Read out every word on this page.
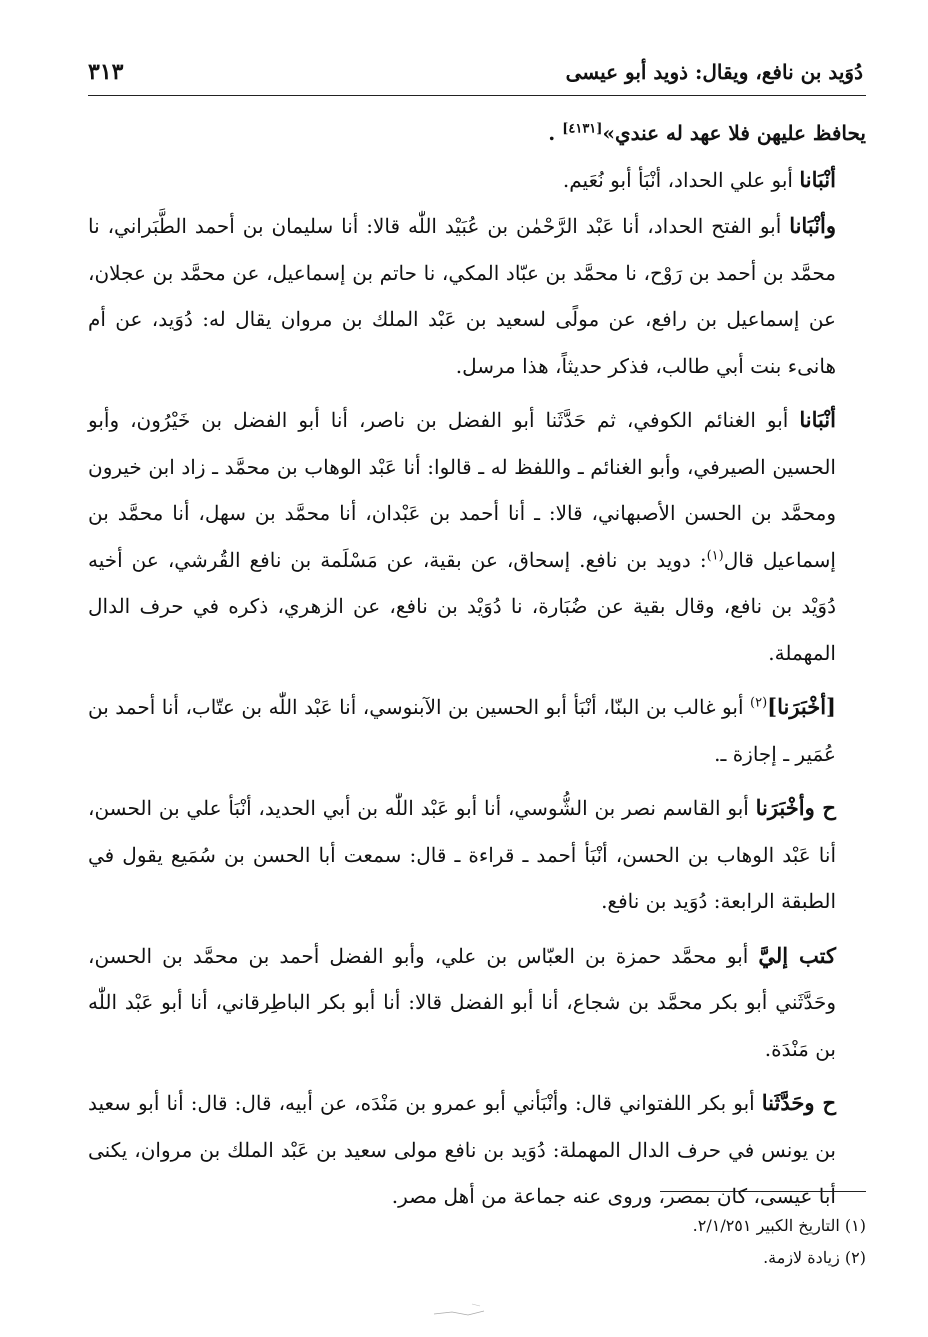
دُوَيد بن نافع، ويقال: ذويد أبو عيسى
٣١٣

يحافظ عليهن فلا عهد له عندي»[٤١٣١] .

أنْبَانا أبو علي الحداد، أنْبَأ أبو نُعَيم.

وأنْبَانا أبو الفتح الحداد، أنا عَبْد الرَّحْمٰن بن عُبَيْد اللّٰه قالا: أنا سليمان بن أحمد الطَّبَراني، نا محمَّد بن أحمد بن رَوْح، نا محمَّد بن عبّاد المكي، نا حاتم بن إسماعيل، عن محمَّد بن عجلان، عن إسماعيل بن رافع، عن مولًى لسعيد بن عَبْد الملك بن مروان يقال له: دُوَيد، عن أم هانىء بنت أبي طالب، فذكر حديثاً، هذا مرسل.

أنْبَانا أبو الغنائم الكوفي، ثم حَدَّثَنا أبو الفضل بن ناصر، أنا أبو الفضل بن خَيْرُون، وأبو الحسين الصيرفي، وأبو الغنائم ـ واللفظ له ـ قالوا: أنا عَبْد الوهاب بن محمَّد ـ زاد ابن خيرون ومحمَّد بن الحسن الأصبهاني، قالا: ـ أنا أحمد بن عَبْدان، أنا محمَّد بن سهل، أنا محمَّد بن إسماعيل قال$^{(١)}$: دويد بن نافع. إسحاق، عن بقية، عن مَسْلَمة بن نافع القُرشي، عن أخيه دُوَيْد بن نافع، وقال بقية عن ضُبَارة، نا دُوَيْد بن نافع، عن الزهري، ذكره في حرف الدال المهملة.

[أخْبَرَنا]$^{(٢)}$ أبو غالب بن البنّا، أنْبَأ أبو الحسين بن الآبنوسي، أنا عَبْد اللّٰه بن عتّاب، أنا أحمد بن عُمَير ـ إجازة ـ.

ح وأخْبَرَنا أبو القاسم نصر بن الشُّوسي، أنا أبو عَبْد اللّٰه بن أبي الحديد، أنْبَأ علي بن الحسن، أنا عَبْد الوهاب بن الحسن، أنْبَأ أحمد ـ قراءة ـ قال: سمعت أبا الحسن بن سُمَيع يقول في الطبقة الرابعة: دُوَيد بن نافع.

كتب إليَّ أبو محمَّد حمزة بن العبّاس بن علي، وأبو الفضل أحمد بن محمَّد بن الحسن، وحَدَّثَني أبو بكر محمَّد بن شجاع، أنا أبو الفضل قالا: أنا أبو بكر الباطِرقاني، أنا أبو عَبْد اللّٰه بن مَنْدَة.

ح وحَدَّثَنا أبو بكر اللفتواني قال: وأنْبَأني أبو عمرو بن مَنْدَه، عن أبيه، قال: قال: أنا أبو سعيد بن يونس في حرف الدال المهملة: دُوَيد بن نافع مولى سعيد بن عَبْد الملك بن مروان، يكنى أبا عيسى، كان بمصر، وروى عنه جماعة من أهل مصر.

(١) التاريخ الكبير ٢/١/٢٥١.

(٢) زيادة لازمة.
